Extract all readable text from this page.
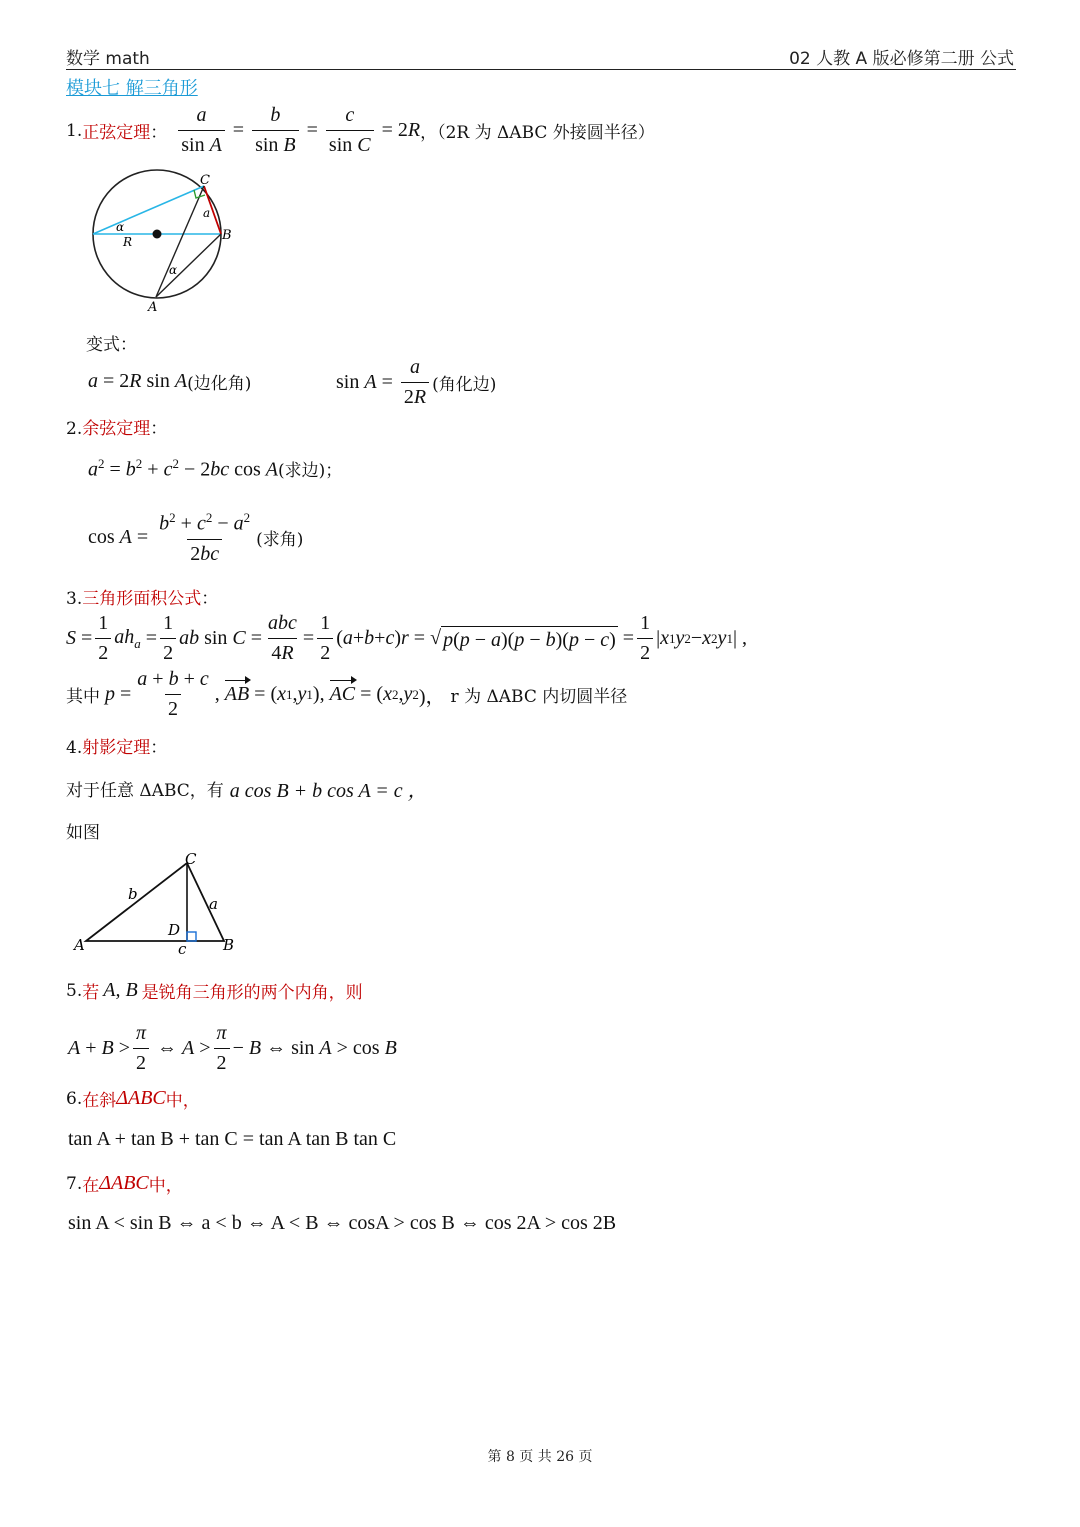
数学 math	02 人教 A 版必修第二册 公式
模块七 解三角形
1. 正弦定理 ： $\frac{a}{\text{sin A}} = \frac{b}{\text{sin B}} = \frac{c}{\text{sin C}} = 2$ R ，（2R 为 ΔABC 外接圆半径）
C
B
A
R
α
α
a
变式：
a = 2R sin A (边化角)	$\sin A = \frac{a}{2R}$ (角化边)
2.余弦定理：
$a^2 = b^2 + c^2 - 2bc$ cos A (求边)；
$\cos A = \frac{b^2 + c^2 - a^2}{2bc}$ (求角)
3.三角形面积公式：
$S = \frac{1}{2} ah_a = \frac{1}{2}$ ab $\sin C = \frac{\text{abc}}{4R} = \frac{1}{2}$ ( a + b + c ) r = √ $p(p - a)(p - b)(p - c) = \frac{1}{2}$ | x 1 y 2 − x 2 y 1 | ,
其中
$p = \frac{a + b + c}{2}$ , AB = ( x 1 , y 1 ), AC = ( x 2 , y 2 )， r 为 ΔABC 内切圆半径
4.射影定理：
对于任意 ΔABC，有 a cos B + b cos A = c ，
如图
A	B
C
D
a
b
c
5. 若 A, B 是锐角三角形的两个内角，则
$A + B > \frac{\pi}{2}$ ⇔ $A > \frac{\pi}{2} - B$ ⇔ sin A > cos B
6. 在斜 ΔABC 中，
tan A + tan B + tan C = tan A tan B tan C
7. 在 ΔABC 中，
sin A < sin B ⇔ a < b ⇔ A < B ⇔ cosA > cos B ⇔ cos 2A > cos 2B
第 8 页 共 26 页
